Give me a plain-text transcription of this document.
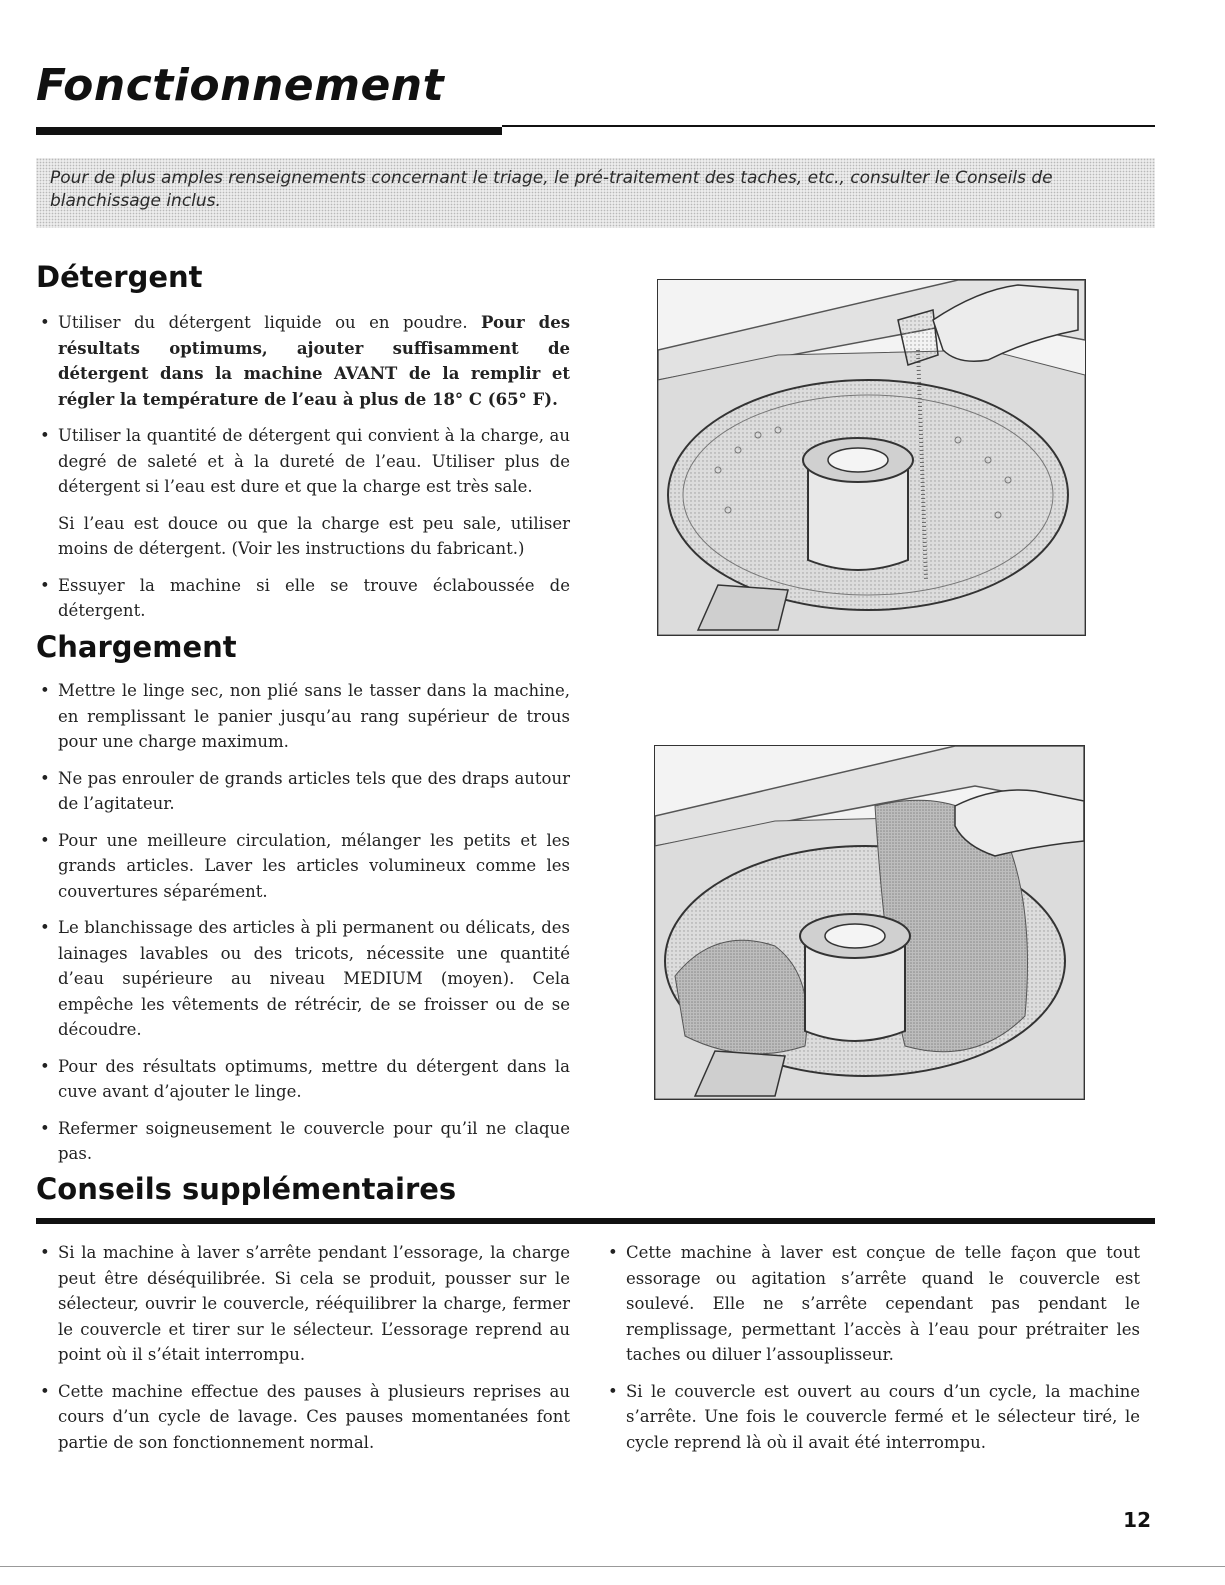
Fonctionnement
Pour de plus amples renseignements concernant le triage, le pré-traitement des taches, etc., consulter le Conseils de blanchissage inclus.
Détergent
• Utiliser du détergent liquide ou en poudre. Pour des résultats optimums, ajouter suffisamment de détergent dans la machine AVANT de la remplir et régler la température de l’eau à plus de 18° C (65° F).
• Utiliser la quantité de détergent qui convient à la charge, au degré de saleté et à la dureté de l’eau. Utiliser plus de détergent si l’eau est dure et que la charge est très sale.
Si l’eau est douce ou que la charge est peu sale, utiliser moins de détergent. (Voir les instructions du fabricant.)
• Essuyer la machine si elle se trouve éclaboussée de détergent.
Chargement
• Mettre le linge sec, non plié sans le tasser dans la machine, en remplissant le panier jusqu’au rang supérieur de trous pour une charge maximum.
• Ne pas enrouler de grands articles tels que des draps autour de l’agitateur.
• Pour une meilleure circulation, mélanger les petits et les grands articles. Laver les articles volumineux comme les couvertures séparément.
• Le blanchissage des articles à pli permanent ou délicats, des lainages lavables ou des tricots, nécessite une quantité d’eau supérieure au niveau MEDIUM (moyen). Cela empêche les vêtements de rétrécir, de se froisser ou de se découdre.
• Pour des résultats optimums, mettre du détergent dans la cuve avant d’ajouter le linge.
• Refermer soigneusement le couvercle pour qu’il ne claque pas.
Conseils supplémentaires
• Si la machine à laver s’arrête pendant l’essorage, la charge peut être déséquilibrée. Si cela se produit, pousser sur le sélecteur, ouvrir le couvercle, rééquilibrer la charge, fermer le couvercle et tirer sur le sélecteur. L’essorage reprend au point où il s’était interrompu.
• Cette machine effectue des pauses à plusieurs reprises au cours d’un cycle de lavage. Ces pauses momentanées font partie de son fonctionnement normal.
• Cette machine à laver est conçue de telle façon que tout essorage ou agitation s’arrête quand le couvercle est soulevé. Elle ne s’arrête cependant pas pendant le remplissage, permettant l’accès à l’eau pour prétraiter les taches ou diluer l’assouplisseur.
• Si le couvercle est ouvert au cours d’un cycle, la machine s’arrête. Une fois le couvercle fermé et le sélecteur tiré, le cycle reprend là où il avait été interrompu.
12
